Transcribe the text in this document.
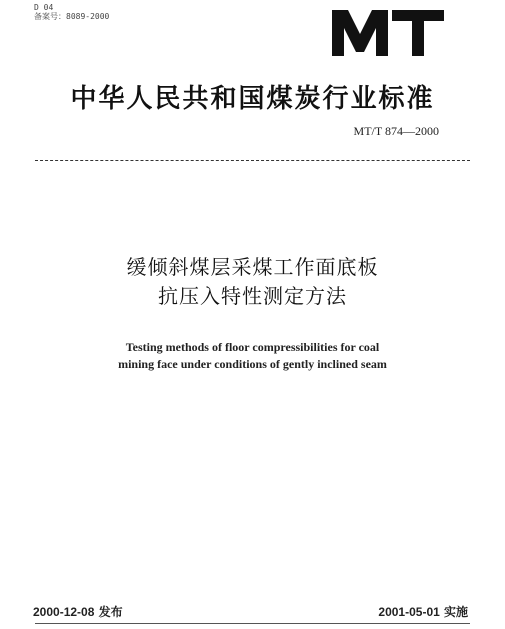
D 04
备案号：8089-2000
中华人民共和国煤炭行业标准
MT/T 874—2000
缓倾斜煤层采煤工作面底板
抗压入特性测定方法
Testing methods of floor compressibilities for coal
mining face under conditions of gently inclined seam
2000-12-08 发布	2001-05-01 实施
